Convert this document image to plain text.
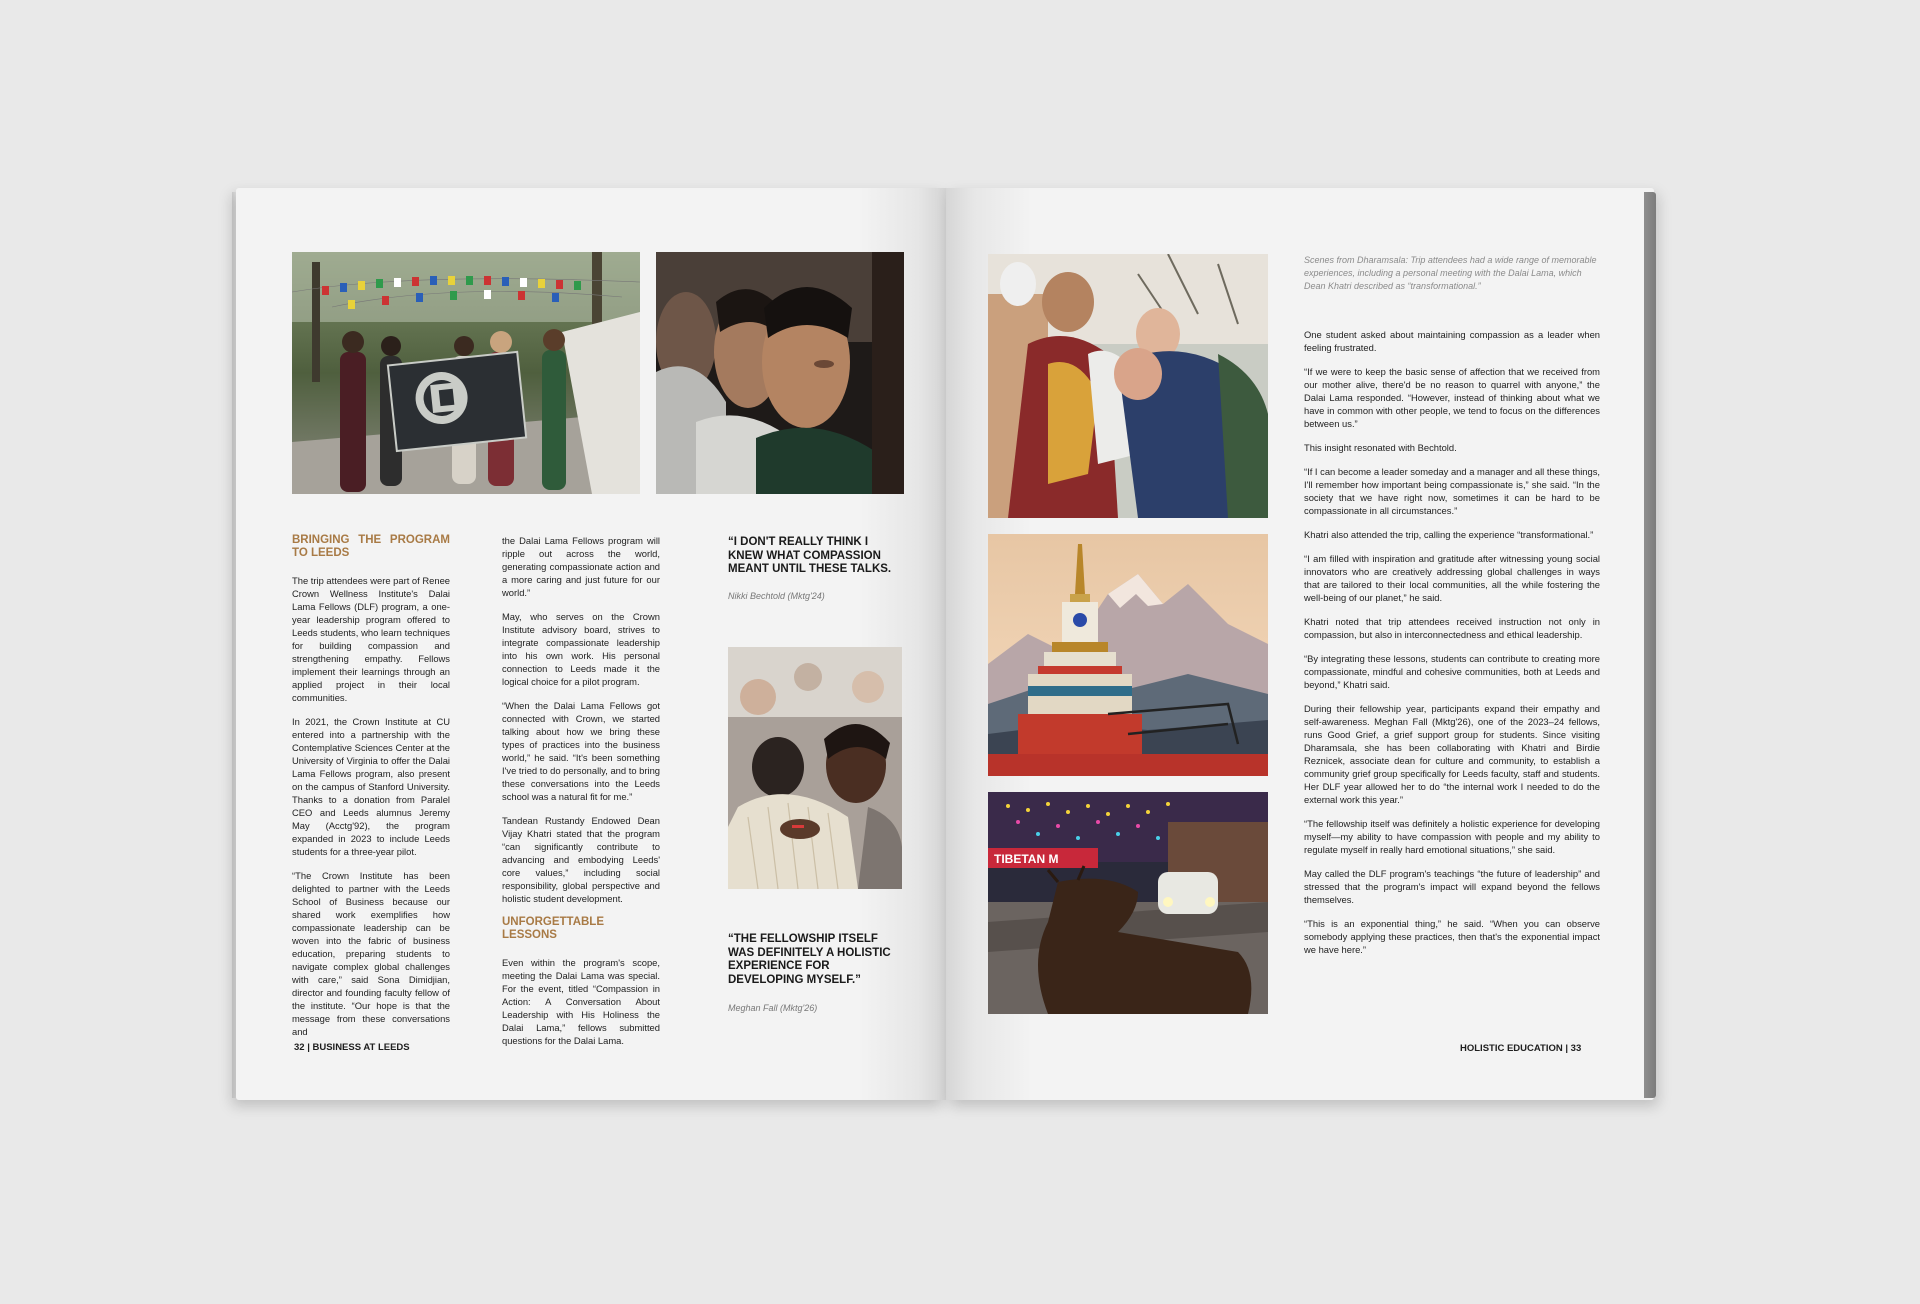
BRINGING THE PROGRAM TO LEEDS

The trip attendees were part of Renee Crown Wellness Institute's Dalai Lama Fellows (DLF) program, a one-year leadership program offered to Leeds students, who learn techniques for building compassion and strengthening empathy. Fellows implement their learnings through an applied project in their local communities.

In 2021, the Crown Institute at CU entered into a partnership with the Contemplative Sciences Center at the University of Virginia to offer the Dalai Lama Fellows program, also present on the campus of Stanford University. Thanks to a donation from Paralel CEO and Leeds alumnus Jeremy May (Acctg'92), the program expanded in 2023 to include Leeds students for a three-year pilot.

“The Crown Institute has been delighted to partner with the Leeds School of Business because our shared work exemplifies how compassionate leadership can be woven into the fabric of business education, preparing students to navigate complex global challenges with care,” said Sona Dimidjian, director and founding faculty fellow of the institute. “Our hope is that the message from these conversations and

the Dalai Lama Fellows program will ripple out across the world, generating compassionate action and a more caring and just future for our world.”

May, who serves on the Crown Institute advisory board, strives to integrate compassionate leadership into his own work. His personal connection to Leeds made it the logical choice for a pilot program.

“When the Dalai Lama Fellows got connected with Crown, we started talking about how we bring these types of practices into the business world,” he said. “It's been something I've tried to do personally, and to bring these conversations into the Leeds school was a natural fit for me.”

Tandean Rustandy Endowed Dean Vijay Khatri stated that the program “can significantly contribute to advancing and embodying Leeds' core values,” including social responsibility, global perspective and holistic student development.

UNFORGETTABLE LESSONS

Even within the program's scope, meeting the Dalai Lama was special. For the event, titled “Compassion in Action: A Conversation About Leadership with His Holiness the Dalai Lama,” fellows submitted questions for the Dalai Lama.

“I DON'T REALLY THINK I KNEW WHAT COMPASSION MEANT UNTIL THESE TALKS.
Nikki Bechtold (Mktg'24)
“THE FELLOWSHIP ITSELF WAS DEFINITELY A HOLISTIC EXPERIENCE FOR DEVELOPING MYSELF.”
Meghan Fall (Mktg'26)
32 | BUSINESS AT LEEDS
TIBETAN M
Scenes from Dharamsala: Trip attendees had a wide range of memorable experiences, including a personal meeting with the Dalai Lama, which Dean Khatri described as “transformational.”

One student asked about maintaining compassion as a leader when feeling frustrated.

“If we were to keep the basic sense of affection that we received from our mother alive, there'd be no reason to quarrel with anyone,” the Dalai Lama responded. “However, instead of thinking about what we have in common with other people, we tend to focus on the differences between us.”

This insight resonated with Bechtold.

“If I can become a leader someday and a manager and all these things, I'll remember how important being compassionate is,” she said. “In the society that we have right now, sometimes it can be hard to be compassionate in all circumstances.”

Khatri also attended the trip, calling the experience “transformational.”

“I am filled with inspiration and gratitude after witnessing young social innovators who are creatively addressing global challenges in ways that are tailored to their local communities, all the while fostering the well-being of our planet,” he said.

Khatri noted that trip attendees received instruction not only in compassion, but also in interconnectedness and ethical leadership.

“By integrating these lessons, students can contribute to creating more compassionate, mindful and cohesive communities, both at Leeds and beyond,” Khatri said.

During their fellowship year, participants expand their empathy and self-awareness. Meghan Fall (Mktg'26), one of the 2023–24 fellows, runs Good Grief, a grief support group for students. Since visiting Dharamsala, she has been collaborating with Khatri and Birdie Reznicek, associate dean for culture and community, to establish a community grief group specifically for Leeds faculty, staff and students. Her DLF year allowed her to do “the internal work I needed to do the external work this year.”

“The fellowship itself was definitely a holistic experience for developing myself—my ability to have compassion with people and my ability to regulate myself in really hard emotional situations,” she said.

May called the DLF program's teachings “the future of leadership” and stressed that the program's impact will expand beyond the fellows themselves.

“This is an exponential thing,” he said. “When you can observe somebody applying these practices, then that's the exponential impact we have here.”

HOLISTIC EDUCATION | 33
